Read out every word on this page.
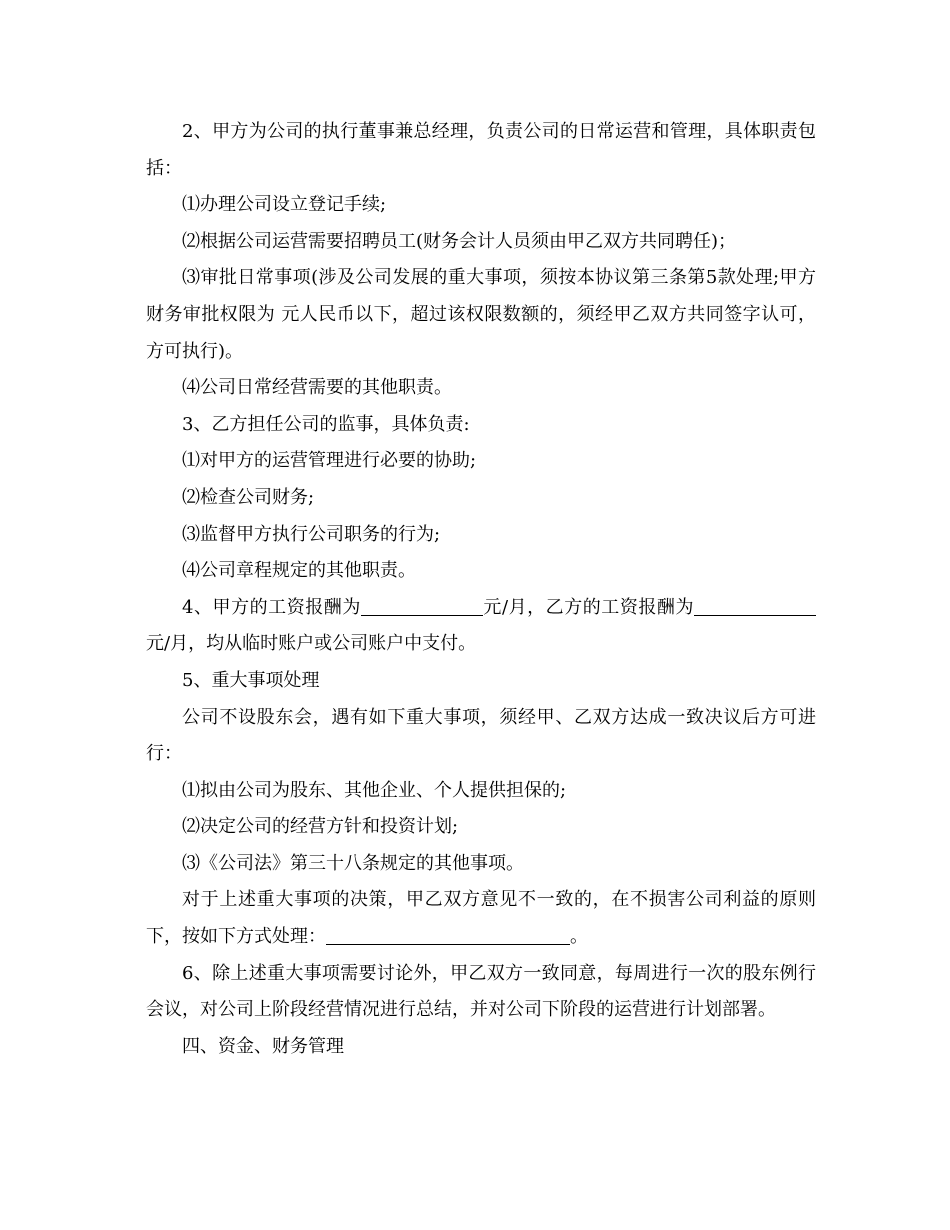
2、甲方为公司的执行董事兼总经理，负责公司的日常运营和管理，具体职责包括：

⑴办理公司设立登记手续;

⑵根据公司运营需要招聘员工(财务会计人员须由甲乙双方共同聘任)；

⑶审批日常事项(涉及公司发展的重大事项，须按本协议第三条第5款处理;甲方财务审批权限为 元人民币以下，超过该权限数额的，须经甲乙双方共同签字认可，方可执行)。

⑷公司日常经营需要的其他职责。

3、乙方担任公司的监事，具体负责:

⑴对甲方的运营管理进行必要的协助;

⑵检查公司财务;

⑶监督甲方执行公司职务的行为;

⑷公司章程规定的其他职责。

4、甲方的工资报酬为	元/月，乙方的工资报酬为元/月，均从临时账户或公司账户中支付。

5、重大事项处理

公司不设股东会，遇有如下重大事项，须经甲、乙双方达成一致决议后方可进行：

⑴拟由公司为股东、其他企业、个人提供担保的;

⑵决定公司的经营方针和投资计划;

⑶《公司法》第三十八条规定的其他事项。

对于上述重大事项的决策，甲乙双方意见不一致的，在不损害公司利益的原则下，按如下方式处理：	。

6、除上述重大事项需要讨论外，甲乙双方一致同意，每周进行一次的股东例行会议，对公司上阶段经营情况进行总结，并对公司下阶段的运营进行计划部署。

四、资金、财务管理
